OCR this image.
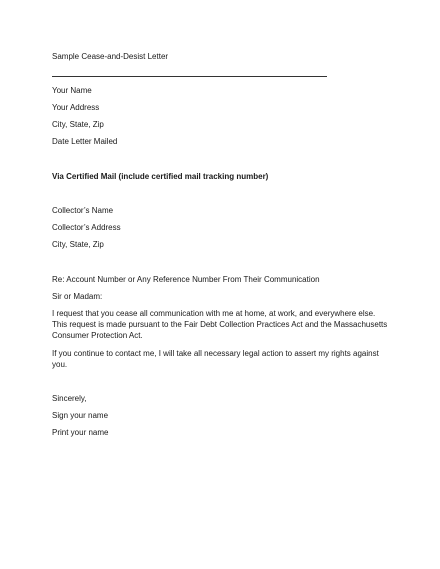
Sample Cease-and-Desist Letter
Your Name
Your Address
City, State, Zip
Date Letter Mailed
Via Certified Mail (include certified mail tracking number)
Collector’s Name
Collector’s Address
City, State, Zip
Re: Account Number or Any Reference Number From Their Communication
Sir or Madam:
I request that you cease all communication with me at home, at work, and everywhere else. This request is made pursuant to the Fair Debt Collection Practices Act and the Massachusetts Consumer Protection Act.
If you continue to contact me, I will take all necessary legal action to assert my rights against you.
Sincerely,
Sign your name
Print your name
